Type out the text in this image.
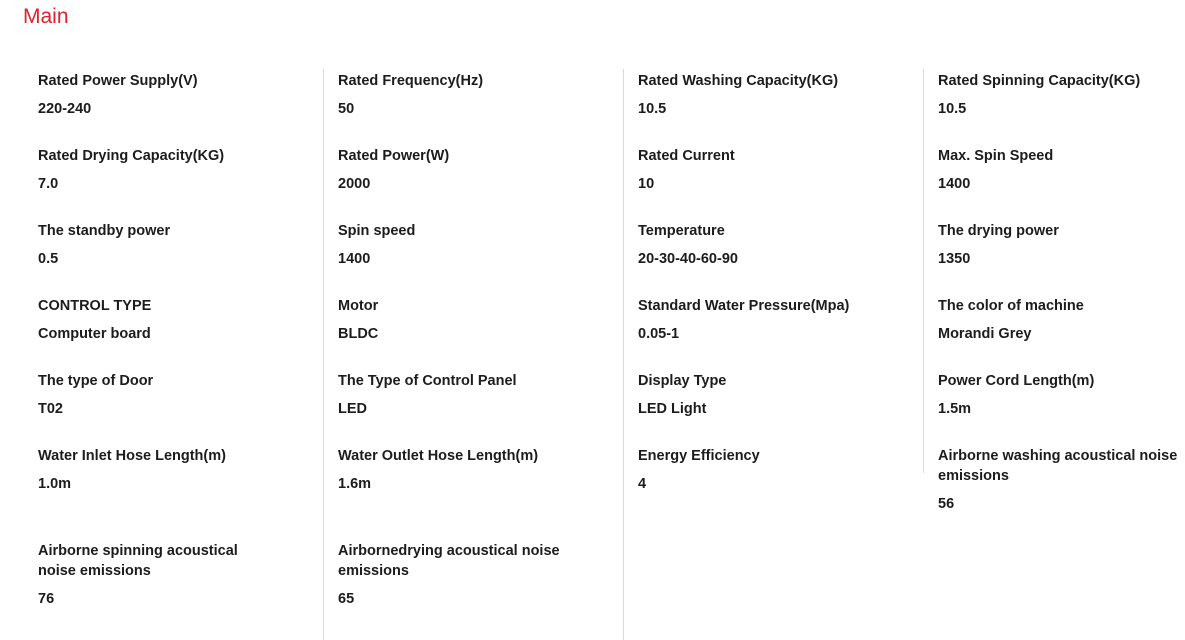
Main
Rated Power Supply(V)
220-240
Rated Drying Capacity(KG)
7.0
The standby power
0.5
CONTROL TYPE
Computer board
The type of Door
T02
Water Inlet Hose Length(m)
1.0m
Airborne spinning acoustical noise emissions
76
Rated Frequency(Hz)
50
Rated Power(W)
2000
Spin speed
1400
Motor
BLDC
The Type of Control Panel
LED
Water Outlet Hose Length(m)
1.6m
Airbornedrying acoustical noise emissions
65
Rated Washing Capacity(KG)
10.5
Rated Current
10
Temperature
20-30-40-60-90
Standard Water Pressure(Mpa)
0.05-1
Display Type
LED Light
Energy Efficiency
4
Rated Spinning Capacity(KG)
10.5
Max. Spin Speed
1400
The drying power
1350
The color of machine
Morandi Grey
Power Cord Length(m)
1.5m
Airborne washing acoustical noise emissions
56
